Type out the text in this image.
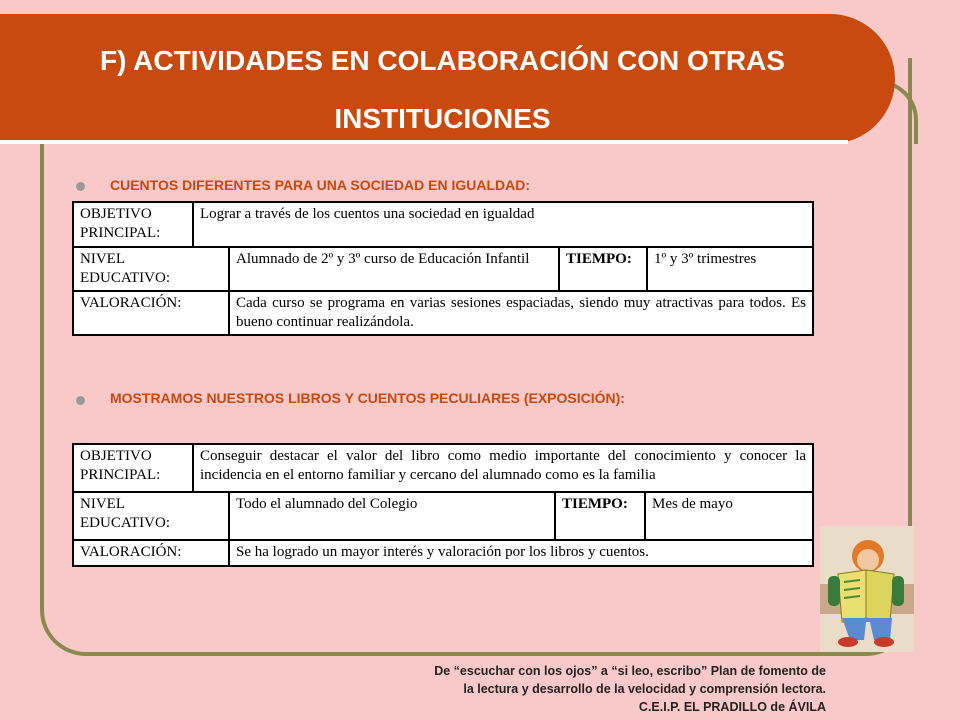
F) ACTIVIDADES EN COLABORACIÓN CON OTRAS
INSTITUCIONES
CUENTOS DIFERENTES PARA UNA SOCIEDAD EN IGUALDAD:
OBJETIVO
PRINCIPAL:	Lograr a través de los cuentos una sociedad en igualdad			
NIVEL
EDUCATIVO:		Alumnado de 2º y 3º curso de Educación Infantil	TIEMPO:	1º y 3º trimestres
VALORACIÓN:		Cada curso se programa en varias sesiones espaciadas, siendo muy atractivas para todos. Es bueno continuar realizándola.		
MOSTRAMOS NUESTROS LIBROS Y CUENTOS PECULIARES (EXPOSICIÓN):
OBJETIVO
PRINCIPAL:	Conseguir destacar el valor del libro como medio importante del conocimiento y conocer la incidencia en el entorno familiar y cercano del alumnado como es la familia			
NIVEL
EDUCATIVO:		Todo el alumnado del Colegio	TIEMPO:	Mes de mayo
VALORACIÓN:		Se ha logrado un mayor interés y valoración por los libros y cuentos.		
De “escuchar con los ojos” a “si leo, escribo” Plan de fomento de
la lectura y desarrollo de la velocidad y comprensión lectora.
C.E.I.P. EL PRADILLO de ÁVILA
